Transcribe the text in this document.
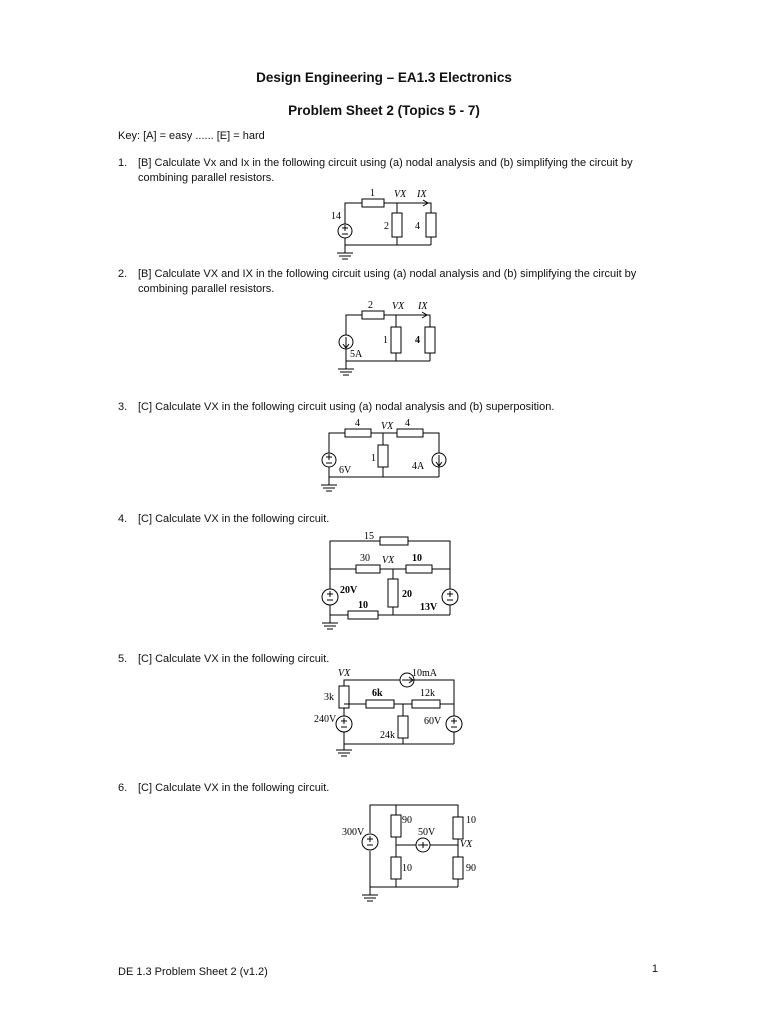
Design Engineering – EA1.3 Electronics
Problem Sheet 2 (Topics 5 - 7)
Key: [A] = easy ...... [E] = hard
1. [B] Calculate Vx and Ix in the following circuit using (a) nodal analysis and (b) simplifying the circuit by combining parallel resistors.
1 VX IX
14
2	4
2. [B] Calculate VX and IX in the following circuit using (a) nodal analysis and (b) simplifying the circuit by combining parallel resistors.
2 VX IX
5A
1	4
3. [C] Calculate VX in the following circuit using (a) nodal analysis and (b) superposition.
4	4
VX
1
6V	4A
4. [C] Calculate VX in the following circuit.
15
30 VX 10
20V	20
10	13V
5. [C] Calculate VX in the following circuit.
VX	10mA
3k	6k	12k
240V	60V
24k
6. [C] Calculate VX in the following circuit.
300V
90	10
50V
VX
10	90
DE 1.3 Problem Sheet 2 (v1.2)	1
